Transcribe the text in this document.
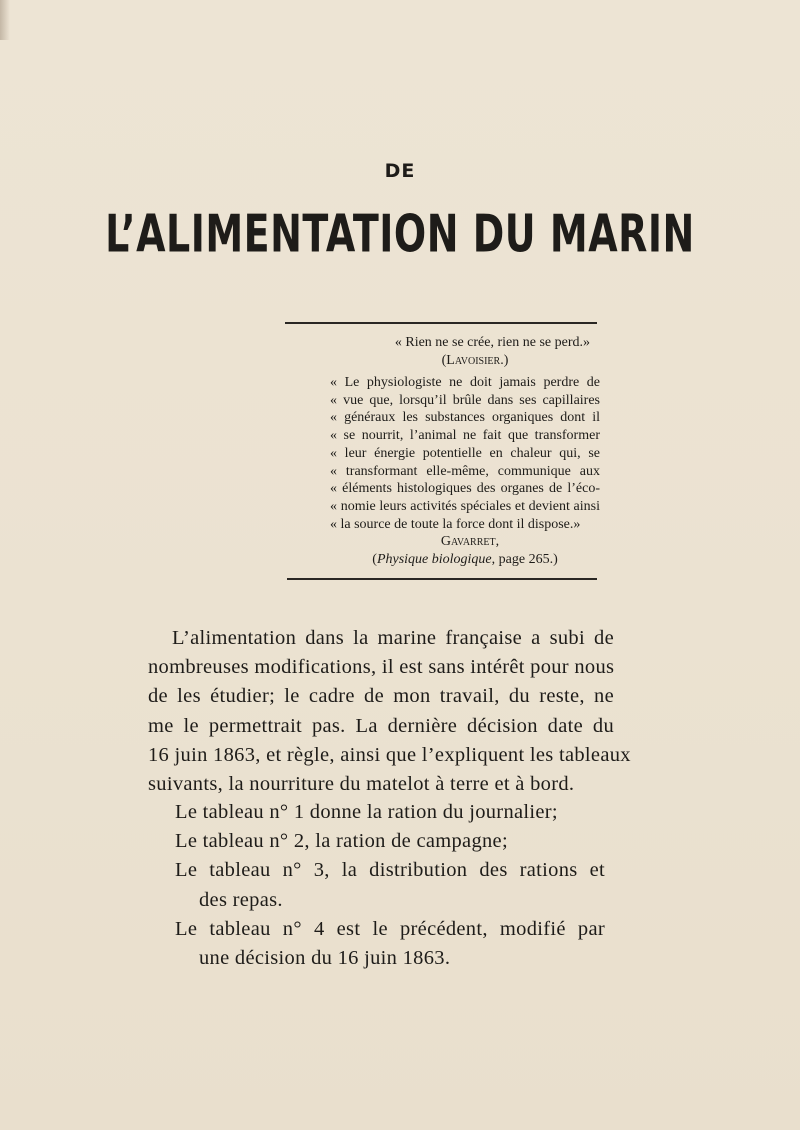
DE
L’ALIMENTATION DU MARIN
« Rien ne se crée, rien ne se perd.»
(Lavoisier.)
« Le physiologiste ne doit jamais perdre de
« vue que, lorsqu’il brûle dans ses capillaires
« généraux les substances organiques dont il
« se nourrit, l’animal ne fait que transformer
« leur énergie potentielle en chaleur qui, se
« transformant elle-même, communique aux
« éléments histologiques des organes de l’éco-
« nomie leurs activités spéciales et devient ainsi
« la source de toute la force dont il dispose.»
Gavarret,
(Physique biologique, page 265.)
L’alimentation dans la marine française a subi de
nombreuses modifications, il est sans intérêt pour nous
de les étudier; le cadre de mon travail, du reste, ne
me le permettrait pas. La dernière décision date du
16 juin 1863, et règle, ainsi que l’expliquent les tableaux
suivants, la nourriture du matelot à terre et à bord.
Le tableau n° 1 donne la ration du journalier;
Le tableau n° 2, la ration de campagne;
Le tableau n° 3, la distribution des rations et
des repas.
Le tableau n° 4 est le précédent, modifié par
une décision du 16 juin 1863.
